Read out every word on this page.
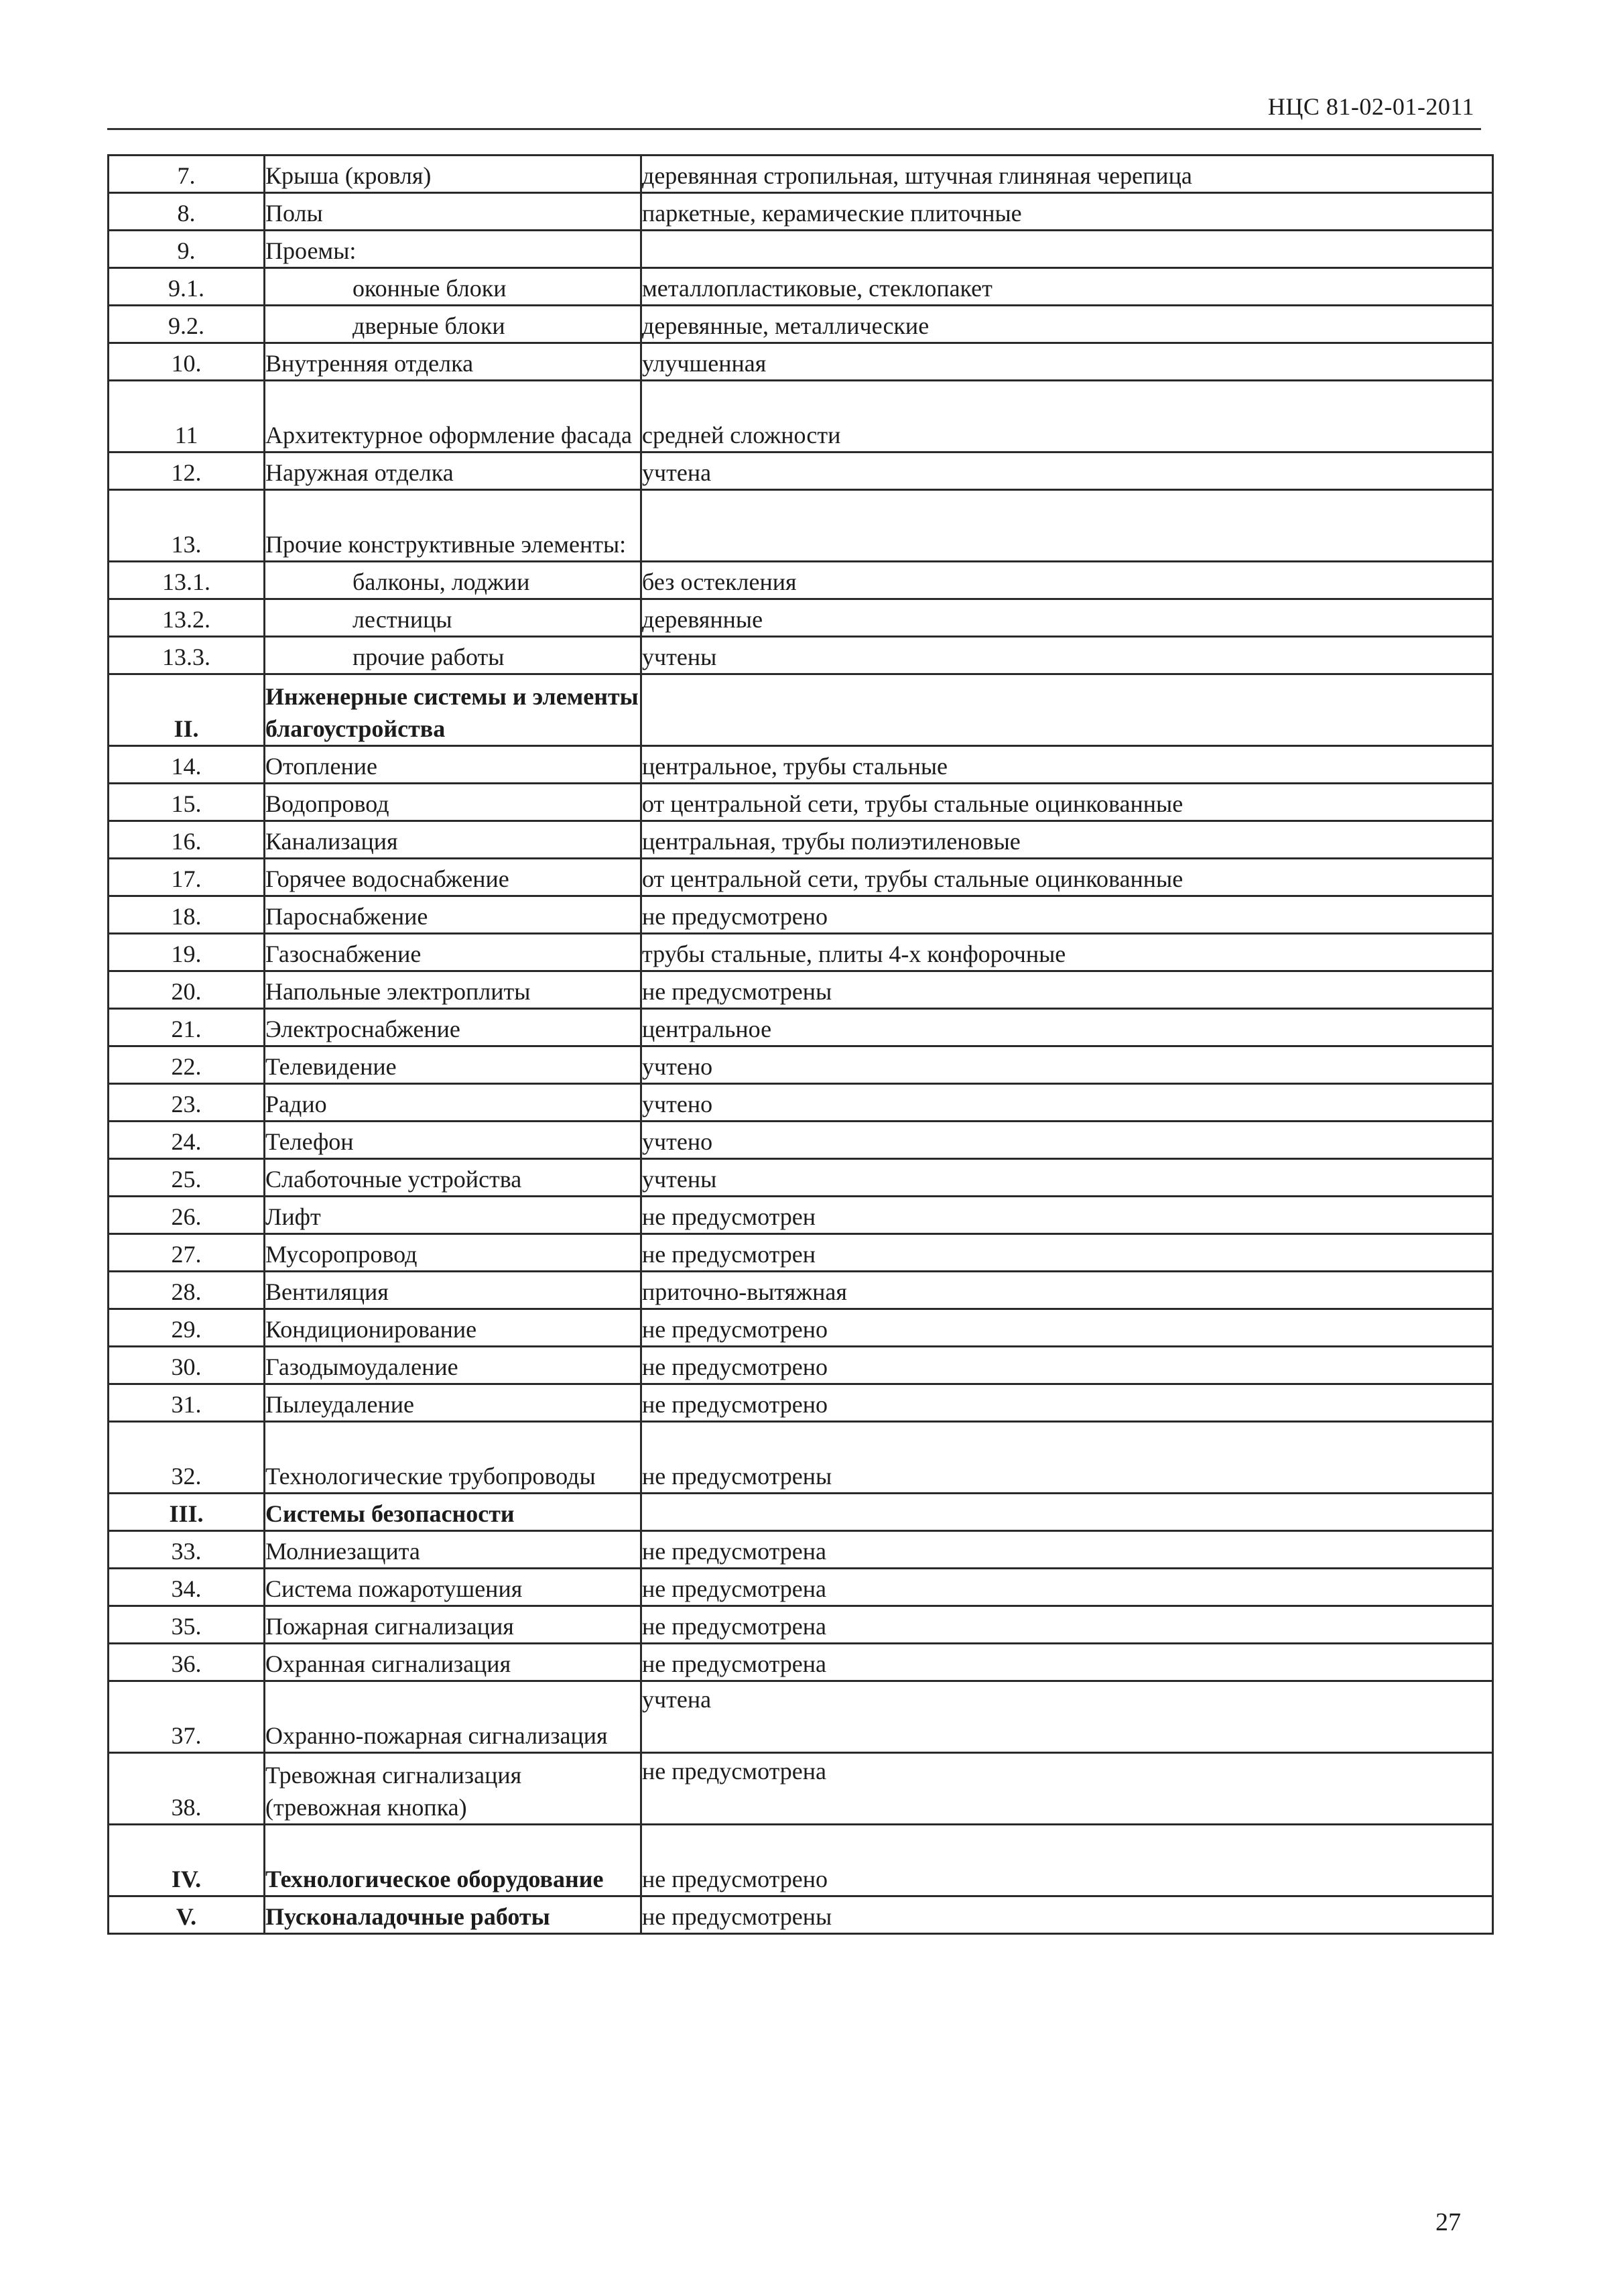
НЦС 81-02-01-2011
7.	Крыша (кровля)	деревянная стропильная, штучная глиняная черепица
8.	Полы	паркетные, керамические плиточные
9.	Проемы:	
9.1.	оконные блоки	металлопластиковые, стеклопакет
9.2.	дверные блоки	деревянные, металлические
10.	Внутренняя отделка	улучшенная
11	Архитектурное оформление фасада	средней сложности
12.	Наружная отделка	учтена
13.	Прочие конструктивные элементы:	
13.1.	балконы, лоджии	без остекления
13.2.	лестницы	деревянные
13.3.	прочие работы	учтены
II.	Инженерные системы и элементы благоустройства	
14.	Отопление	центральное, трубы стальные
15.	Водопровод	от центральной сети, трубы стальные оцинкованные
16.	Канализация	центральная, трубы полиэтиленовые
17.	Горячее водоснабжение	от центральной сети, трубы стальные оцинкованные
18.	Пароснабжение	не предусмотрено
19.	Газоснабжение	трубы стальные, плиты 4-х конфорочные
20.	Напольные электроплиты	не предусмотрены
21.	Электроснабжение	центральное
22.	Телевидение	учтено
23.	Радио	учтено
24.	Телефон	учтено
25.	Слаботочные устройства	учтены
26.	Лифт	не предусмотрен
27.	Мусоропровод	не предусмотрен
28.	Вентиляция	приточно-вытяжная
29.	Кондиционирование	не предусмотрено
30.	Газодымоудаление	не предусмотрено
31.	Пылеудаление	не предусмотрено
32.	Технологические трубопроводы	не предусмотрены
III.	Системы безопасности	
33.	Молниезащита	не предусмотрена
34.	Система пожаротушения	не предусмотрена
35.	Пожарная сигнализация	не предусмотрена
36.	Охранная сигнализация	не предусмотрена
37.	Охранно-пожарная сигнализация	учтена
38.	Тревожная сигнализация (тревожная кнопка)	не предусмотрена
IV.	Технологическое оборудование	не предусмотрено
V.	Пусконаладочные работы	не предусмотрены
27
